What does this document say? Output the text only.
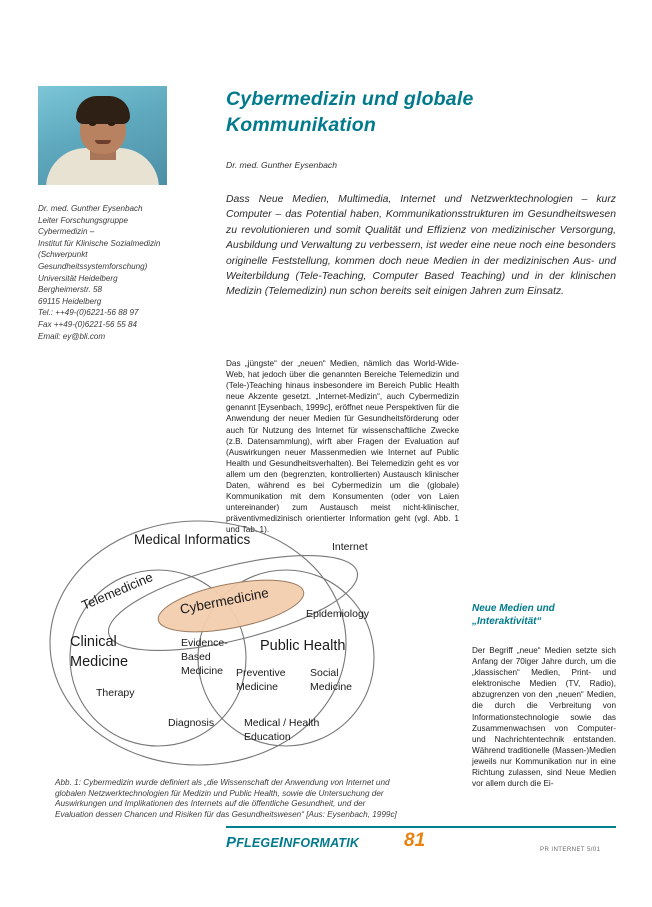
Dr. med. Gunther Eysenbach
Leiter Forschungsgruppe
Cybermedizin –
Institut für Klinische Sozialmedizin (Schwerpunkt Gesundheitssystemforschung)
Universität Heidelberg
Bergheimerstr. 58
69115 Heidelberg
Tel.: ++49-(0)6221-56 88 97
Fax ++49-(0)6221-56 55 84
Email: ey@bli.com
Cybermedizin und globale
Kommunikation
Dr. med. Gunther Eysenbach
Dass Neue Medien, Multimedia, Internet und Netzwerktechnologien – kurz Computer – das Potential haben, Kommunikationsstrukturen im Gesundheitswesen zu revolutionieren und somit Qualität und Effizienz von medizinischer Versorgung, Ausbildung und Verwaltung zu verbessern, ist weder eine neue noch eine besonders originelle Feststellung, kommen doch neue Medien in der medizinischen Aus- und Weiterbildung (Tele-Teaching, Computer Based Teaching) und in der klinischen Medizin (Telemedizin) nun schon bereits seit einigen Jahren zum Einsatz.
Das „jüngste“ der „neuen“ Medien, nämlich das World-Wide-Web, hat jedoch über die genannten Bereiche Telemedizin und (Tele-)Teaching hinaus insbesondere im Bereich Public Health neue Akzente gesetzt. „Internet-Medizin“, auch Cybermedizin genannt [Eysenbach, 1999c], eröffnet neue Perspektiven für die Anwendung der neuer Medien für Gesundheitsförderung oder auch für Nutzung des Internet für wissenschaftliche Zwecke (z.B. Datensammlung), wirft aber Fragen der Evaluation auf (Auswirkungen neuer Massenmedien wie Internet auf Public Health und Gesundheitsverhalten). Bei Telemedizin geht es vor allem um den (begrenzten, kontrollierten) Austausch klinischer Daten, während es bei Cybermedizin um die (globale) Kommunikation mit dem Konsumenten (oder von Laien untereinander) zum Austausch meist nicht-klinischer, präventivmedizinisch orientierter Information geht (vgl. Abb. 1 und Tab. 1).
Neue Medien und
„Interaktivität“
Der Begriff „neue“ Medien setzte sich Anfang der 70iger Jahre durch, um die „klassischen“ Medien, Print- und elektronische Medien (TV, Radio), abzugrenzen von den „neuen“ Medien, die durch die Verbreitung von Informationstechnologie sowie das Zusammenwachsen von Computer- und Nachrichtentechnik entstanden. Während traditionelle (Massen-)Medien jeweils nur Kommunikation nur in eine Richtung zulassen, sind Neue Medien vor allem durch die Ei-
Medical Informatics
Telemedicine Cybermedicine
Internet
Epidemiology
Clinical
Medicine
Public Health
Evidence-
Based
Medicine Preventive
Medicine
Social
Medicine
Therapy
Diagnosis	Medical / Health
Education
Abb. 1: Cybermedizin wurde definiert als „die Wissenschaft der Anwendung von Internet und globalen Netzwerktechnologien für Medizin und Public Health, sowie die Untersuchung der Auswirkungen und Implikationen des Internets auf die öffentliche Gesundheit, und der Evaluation dessen Chancen und Risiken für das Gesundheitswesen“ [Aus: Eysenbach, 1999c]
PFLEGEINFORMATIK 81	PR INTERNET 5/01
